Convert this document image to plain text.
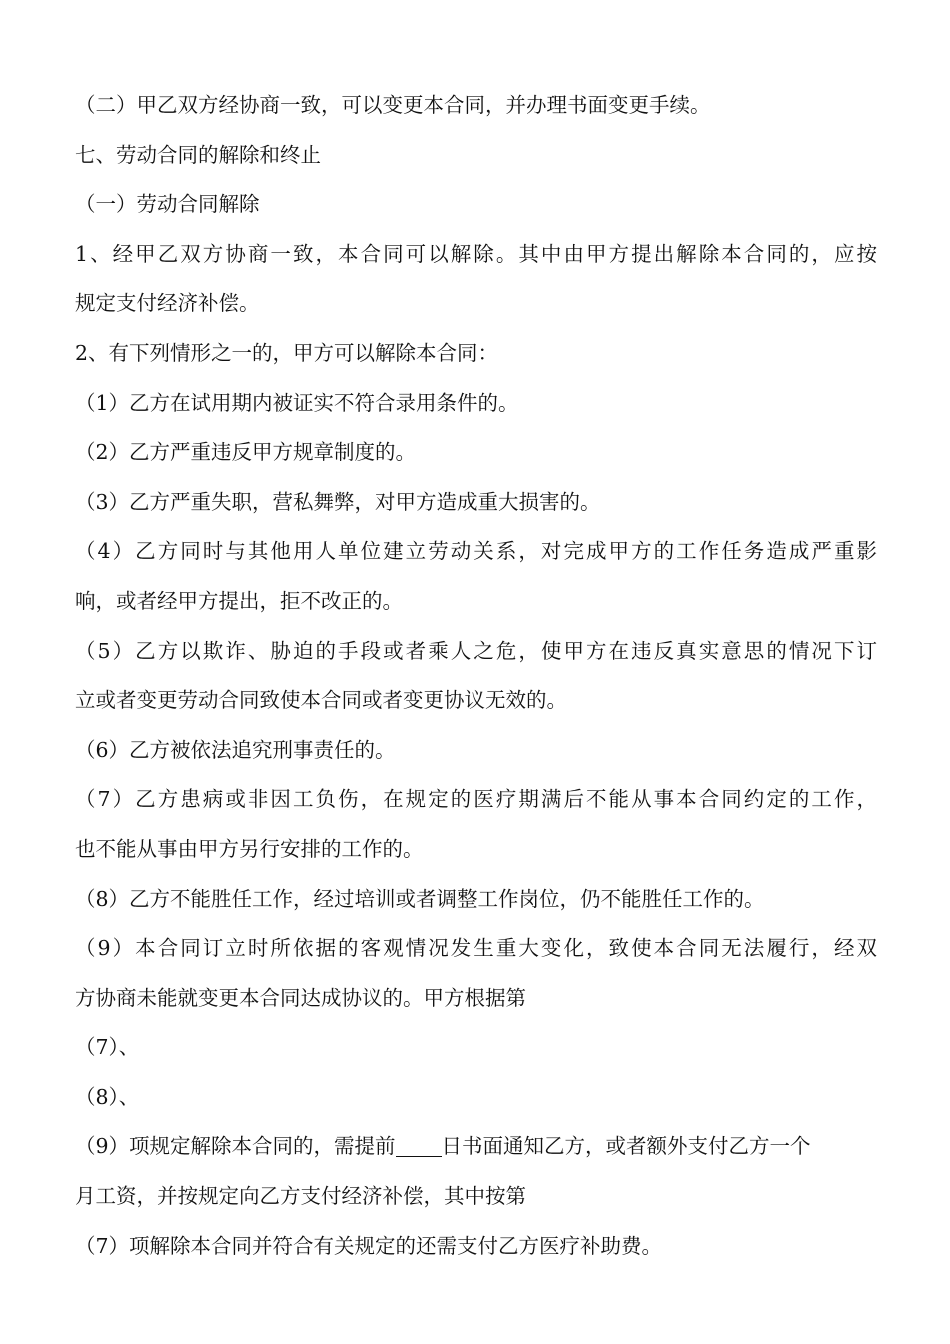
（二）甲乙双方经协商一致，可以变更本合同，并办理书面变更手续。
七、劳动合同的解除和终止
（一）劳动合同解除
1、经甲乙双方协商一致，本合同可以解除。其中由甲方提出解除本合同的，应按
规定支付经济补偿。
2、有下列情形之一的，甲方可以解除本合同：
（1）乙方在试用期内被证实不符合录用条件的。
（2）乙方严重违反甲方规章制度的。
（3）乙方严重失职，营私舞弊，对甲方造成重大损害的。
（4）乙方同时与其他用人单位建立劳动关系，对完成甲方的工作任务造成严重影
响，或者经甲方提出，拒不改正的。
（5）乙方以欺诈、胁迫的手段或者乘人之危，使甲方在违反真实意思的情况下订
立或者变更劳动合同致使本合同或者变更协议无效的。
（6）乙方被依法追究刑事责任的。
（7）乙方患病或非因工负伤，在规定的医疗期满后不能从事本合同约定的工作，
也不能从事由甲方另行安排的工作的。
（8）乙方不能胜任工作，经过培训或者调整工作岗位，仍不能胜任工作的。
（9）本合同订立时所依据的客观情况发生重大变化，致使本合同无法履行，经双
方协商未能就变更本合同达成协议的。甲方根据第
（7）、
（8）、
（9）项规定解除本合同的，需提前 日书面通知乙方，或者额外支付乙方一个
月工资，并按规定向乙方支付经济补偿，其中按第
（7）项解除本合同并符合有关规定的还需支付乙方医疗补助费。
